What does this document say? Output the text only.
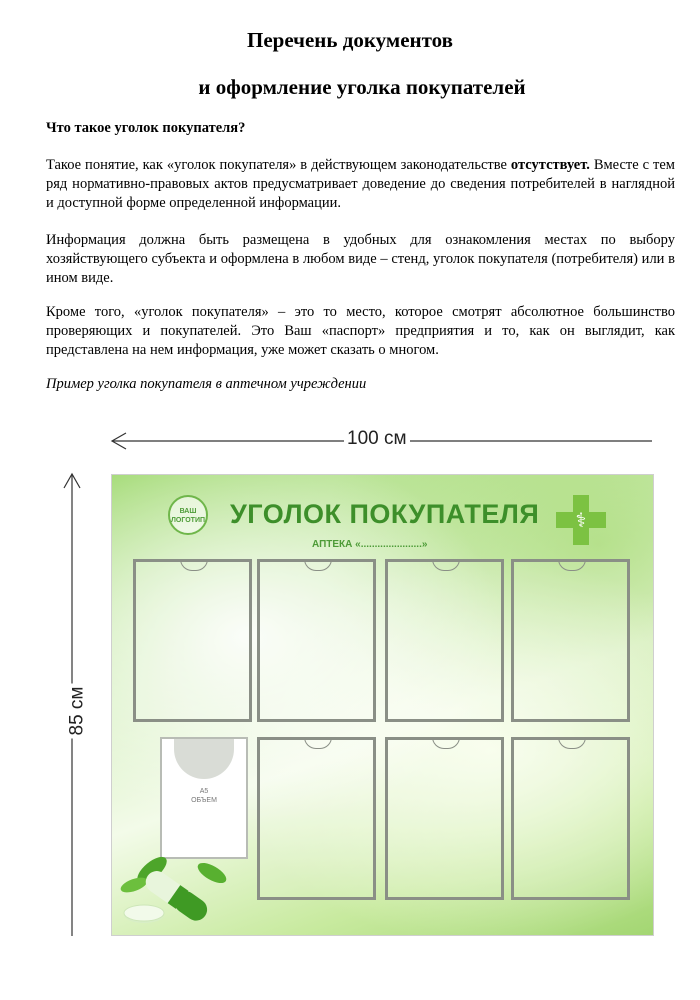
Перечень документов
и оформление уголка покупателей
Что такое уголок покупателя?
Такое понятие, как «уголок покупателя» в действующем законодательстве отсутствует. Вместе с тем ряд нормативно-правовых актов предусматривает доведение до сведения потребителей в наглядной и доступной форме определенной информации.
Информация должна быть размещена в удобных для ознакомления местах по выбору хозяйствующего субъекта и оформлена в любом виде – стенд, уголок покупателя (потребителя) или в ином виде.
Кроме того, «уголок покупателя» – это то место, которое смотрят абсолютное большинство проверяющих и покупателей. Это Ваш «паспорт» предприятия и то, как он выглядит, как представлена на нем информация, уже может сказать о многом.
Пример уголка покупателя в аптечном учреждении
100 см
85 см
ВАШ
ЛОГОТИП УГОЛОК ПОКУПАТЕЛЯ
АПТЕКА «......................»
⚕
А5
ОБЪЕМ
